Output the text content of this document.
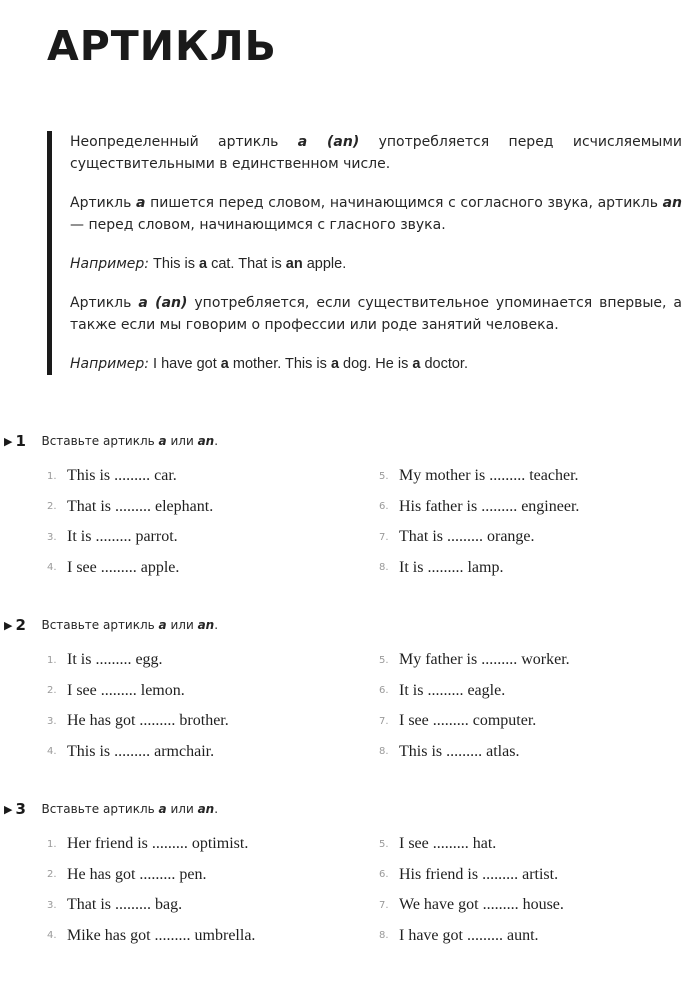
АРТИКЛЬ

Неопределенный артикль a (an) употребляется перед исчисляемыми существительными в единственном числе.

Артикль a пишется перед словом, начинающимся с согласного звука, артикль an — перед словом, начинающимся с гласного звука.

Например: This is a cat. That is an apple.

Артикль a (an) употребляется, если существительное упоминается впервые, а также если мы говорим о профессии или роде занятий человека.

Например: I have got a mother. This is a dog. He is a doctor.

▶ 1	Вставьте артикль a или an.
1. This is ......... car.
2. That is ......... elephant.
3. It is ......... parrot.
4. I see ......... apple.
5. My mother is ......... teacher.
6. His father is ......... engineer.
7. That is ......... orange.
8. It is ......... lamp.
▶ 2	Вставьте артикль a или an.
1. It is ......... egg.
2. I see ......... lemon.
3. He has got ......... brother.
4. This is ......... armchair.
5. My father is ......... worker.
6. It is ......... eagle.
7. I see ......... computer.
8. This is ......... atlas.
▶ 3	Вставьте артикль a или an.
1. Her friend is ......... optimist.
2. He has got ......... pen.
3. That is ......... bag.
4. Mike has got ......... umbrella.
5. I see ......... hat.
6. His friend is ......... artist.
7. We have got ......... house.
8. I have got ......... aunt.
